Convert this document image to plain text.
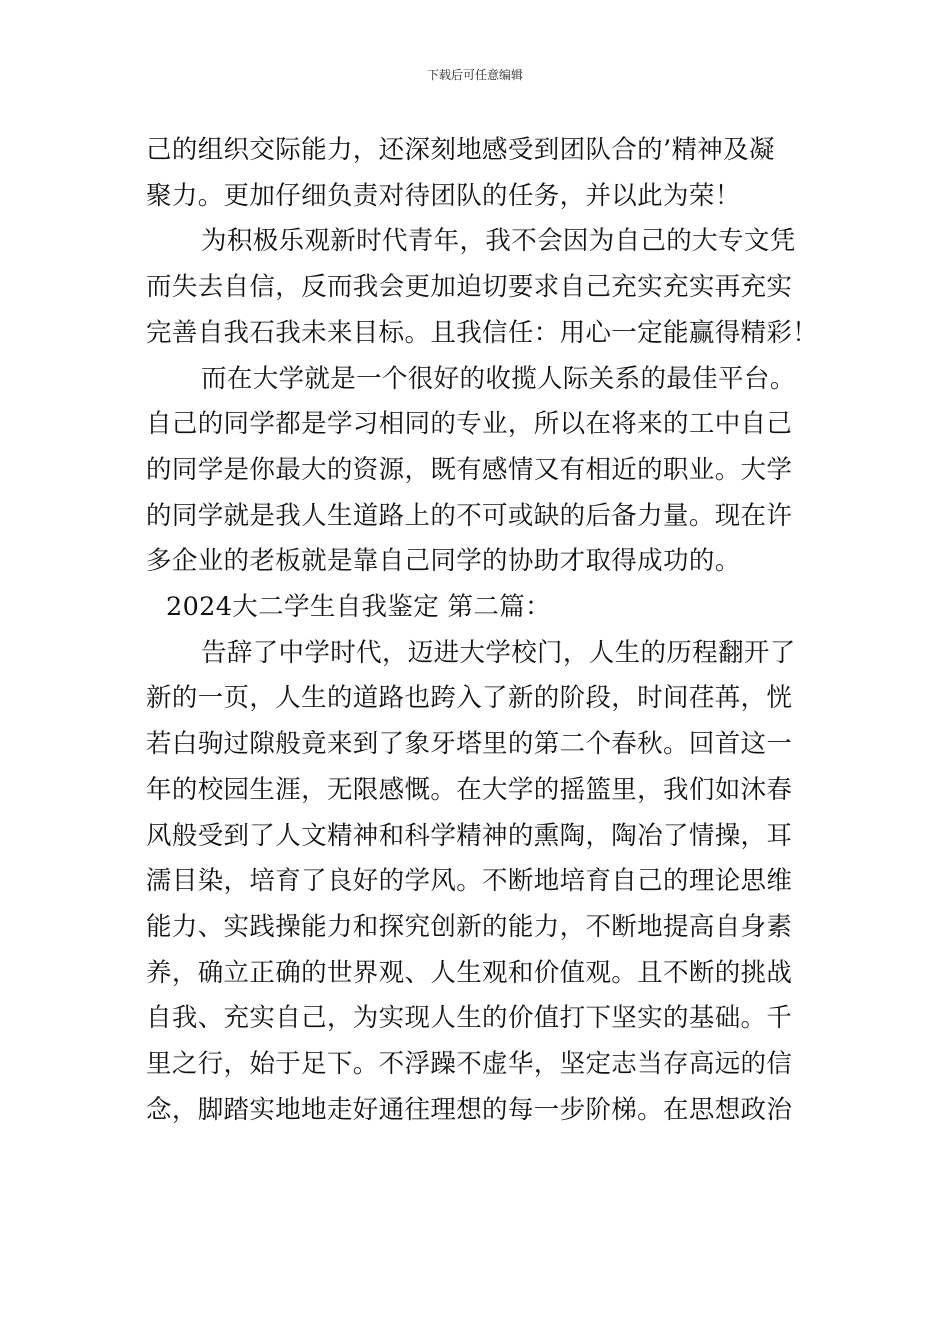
下载后可任意编辑
己的组织交际能力，还深刻地感受到团队合的’精神及凝
聚力。更加仔细负责对待团队的任务，并以此为荣！
为积极乐观新时代青年，我不会因为自己的大专文凭
而失去自信，反而我会更加迫切要求自己充实充实再充实
完善自我石我未来目标。且我信任：用心一定能赢得精彩！
而在大学就是一个很好的收揽人际关系的最佳平台。
自己的同学都是学习相同的专业，所以在将来的工中自己
的同学是你最大的资源，既有感情又有相近的职业。大学
的同学就是我人生道路上的不可或缺的后备力量。现在许
多企业的老板就是靠自己同学的协助才取得成功的。
2024大二学生自我鉴定 第二篇：
告辞了中学时代，迈进大学校门，人生的历程翻开了
新的一页，人生的道路也跨入了新的阶段，时间荏苒，恍
若白驹过隙般竟来到了象牙塔里的第二个春秋。回首这一
年的校园生涯，无限感慨。在大学的摇篮里，我们如沐春
风般受到了人文精神和科学精神的熏陶，陶冶了情操，耳
濡目染，培育了良好的学风。不断地培育自己的理论思维
能力、实践操能力和探究创新的能力，不断地提高自身素
养，确立正确的世界观、人生观和价值观。且不断的挑战
自我、充实自己，为实现人生的价值打下坚实的基础。千
里之行，始于足下。不浮躁不虚华，坚定志当存高远的信
念，脚踏实地地走好通往理想的每一步阶梯。在思想政治
